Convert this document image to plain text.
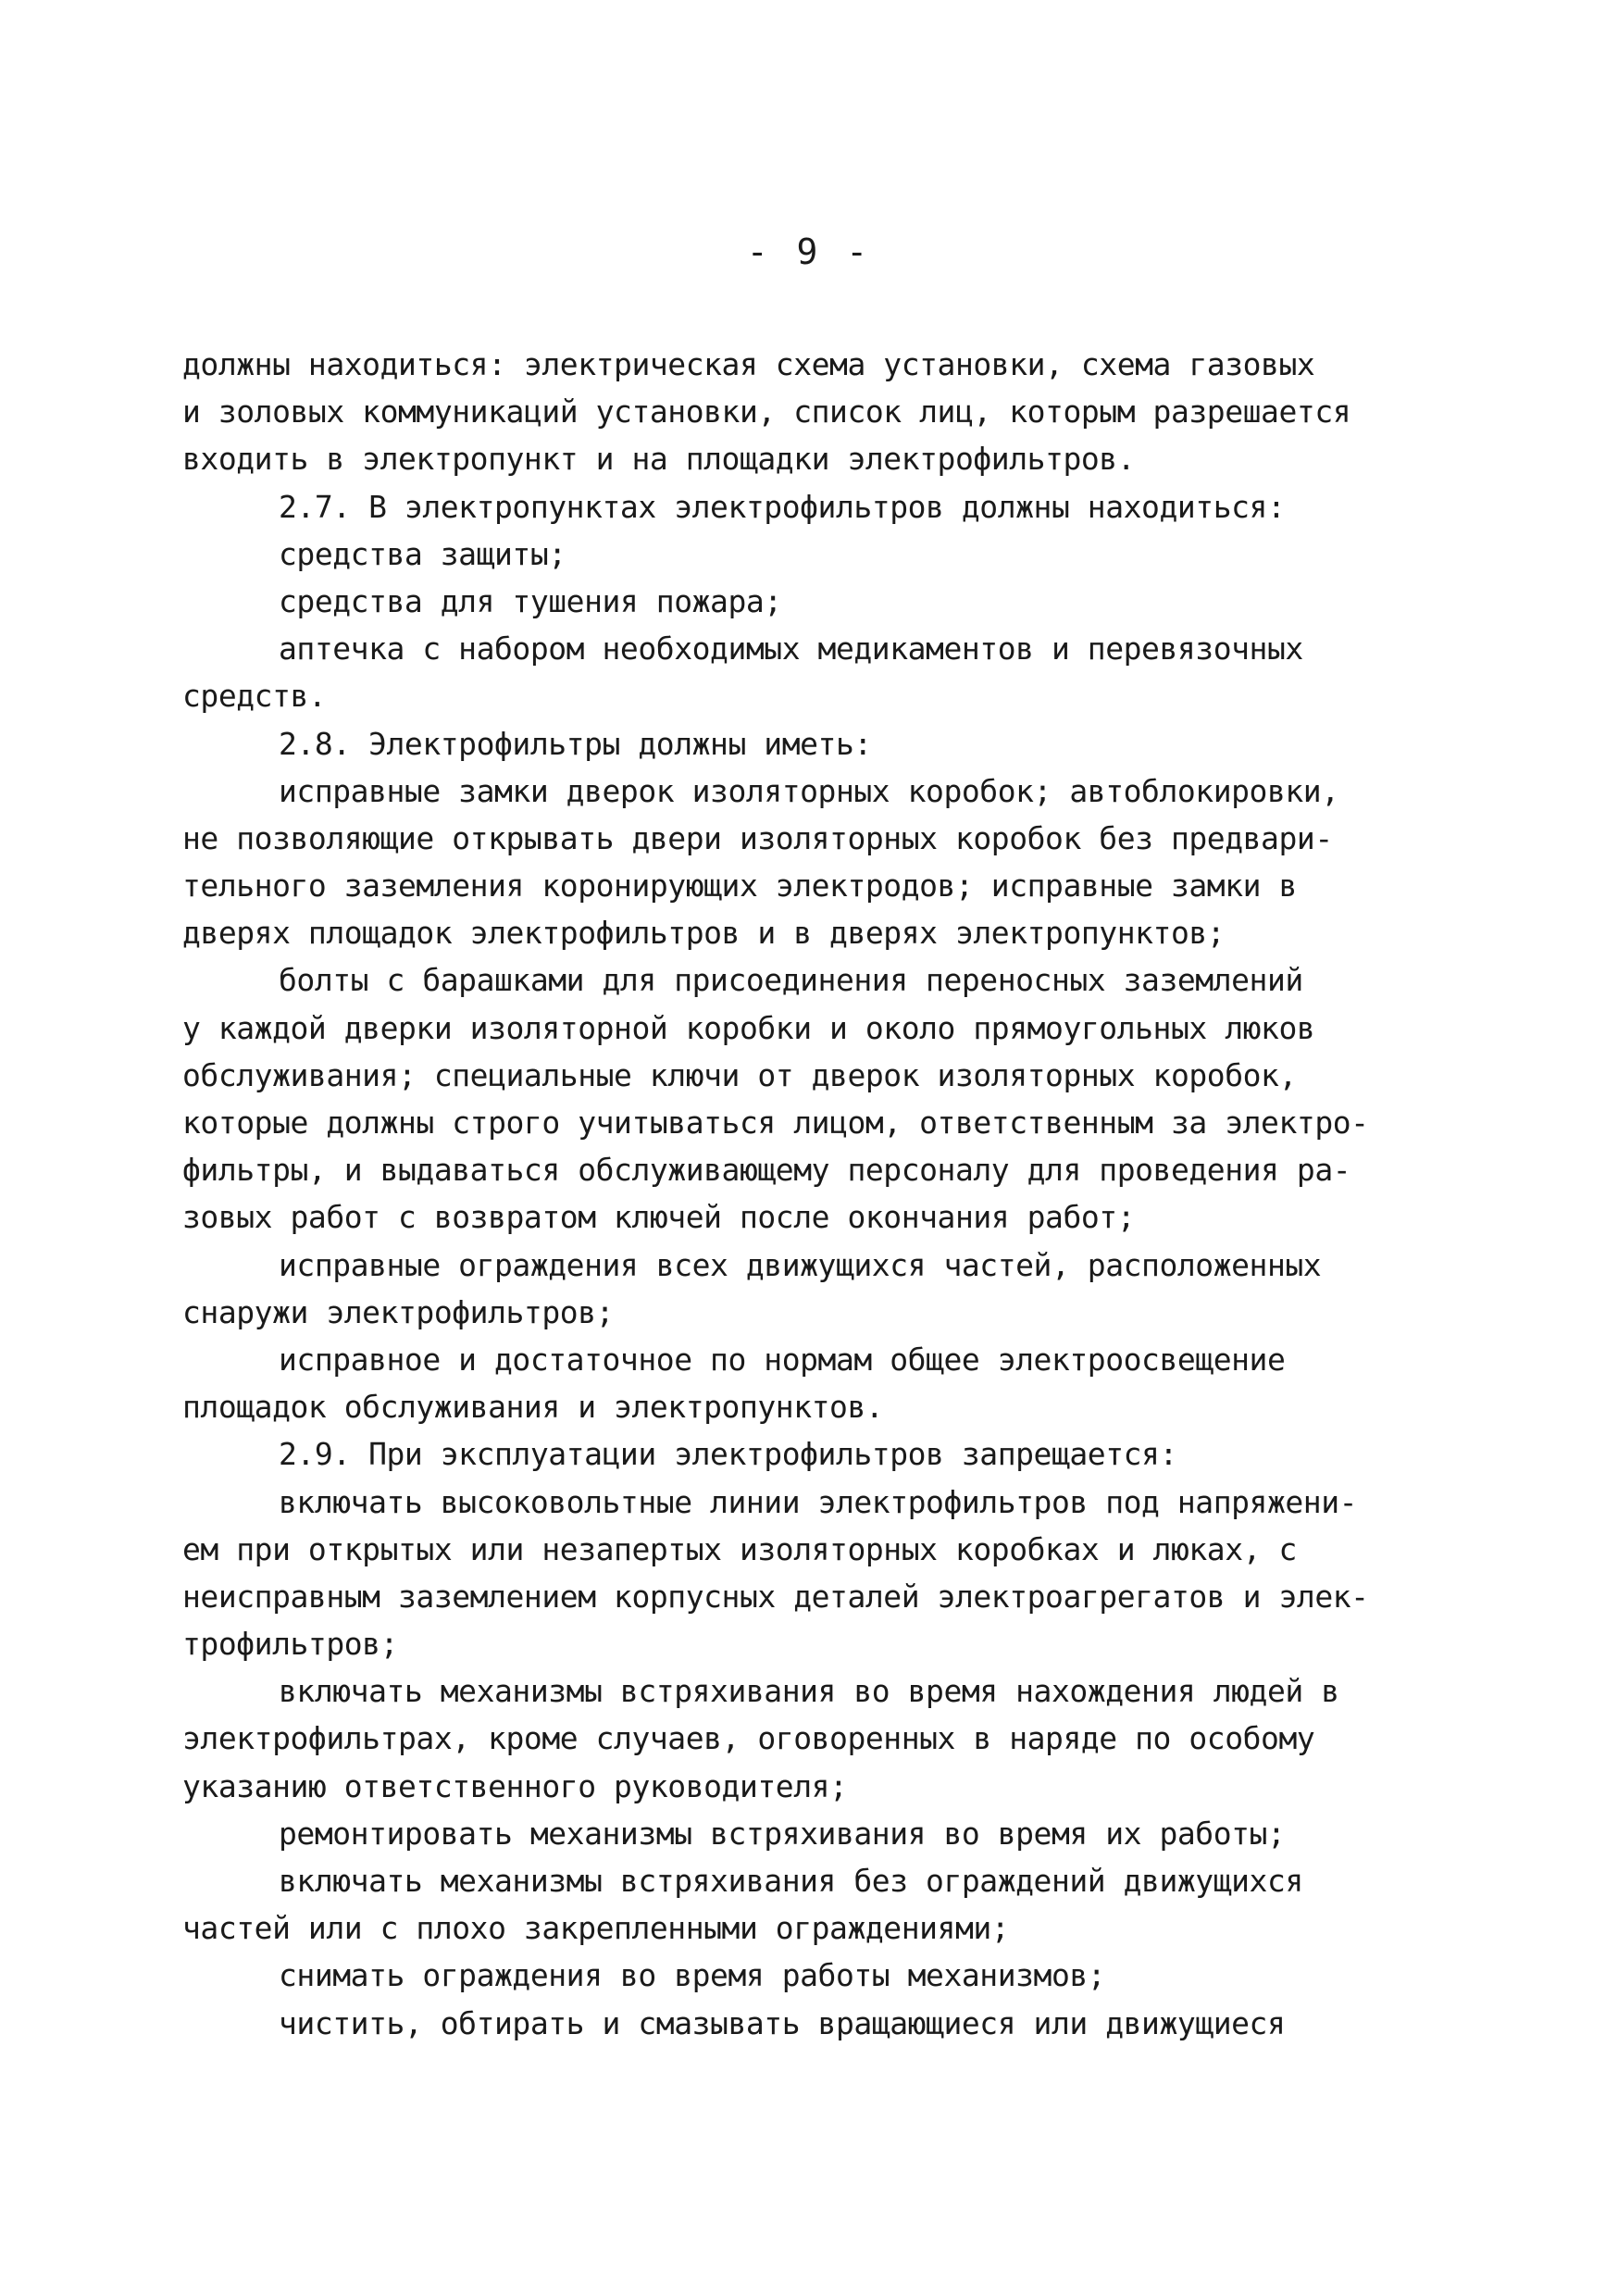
- 9 -
должны находиться: электрическая схема установки, схема газовых
и золовых коммуникаций установки, список лиц, которым разрешается
входить в электропункт и на площадки электрофильтров.
2.7. В электропунктах электрофильтров должны находиться:
средства защиты;
средства для тушения пожара;
аптечка с набором необходимых медикаментов и перевязочных
средств.
2.8. Электрофильтры должны иметь:
исправные замки дверок изоляторных коробок; автоблокировки,
не позволяющие открывать двери изоляторных коробок без предвари-
тельного заземления коронирующих электродов; исправные замки в
дверях площадок электрофильтров и в дверях электропунктов;
болты с барашками для присоединения переносных заземлений
у каждой дверки изоляторной коробки и около прямоугольных люков
обслуживания; специальные ключи от дверок изоляторных коробок,
которые должны строго учитываться лицом, ответственным за электро-
фильтры, и выдаваться обслуживающему персоналу для проведения ра-
зовых работ с возвратом ключей после окончания работ;
исправные ограждения всех движущихся частей, расположенных
снаружи электрофильтров;
исправное и достаточное по нормам общее электроосвещение
площадок обслуживания и электропунктов.
2.9. При эксплуатации электрофильтров запрещается:
включать высоковольтные линии электрофильтров под напряжени-
ем при открытых или незапертых изоляторных коробках и люках, с
неисправным заземлением корпусных деталей электроагрегатов и элек-
трофильтров;
включать механизмы встряхивания во время нахождения людей в
электрофильтрах, кроме случаев, оговоренных в наряде по особому
указанию ответственного руководителя;
ремонтировать механизмы встряхивания во время их работы;
включать механизмы встряхивания без ограждений движущихся
частей или с плохо закрепленными ограждениями;
снимать ограждения во время работы механизмов;
чистить, обтирать и смазывать вращающиеся или движущиеся
